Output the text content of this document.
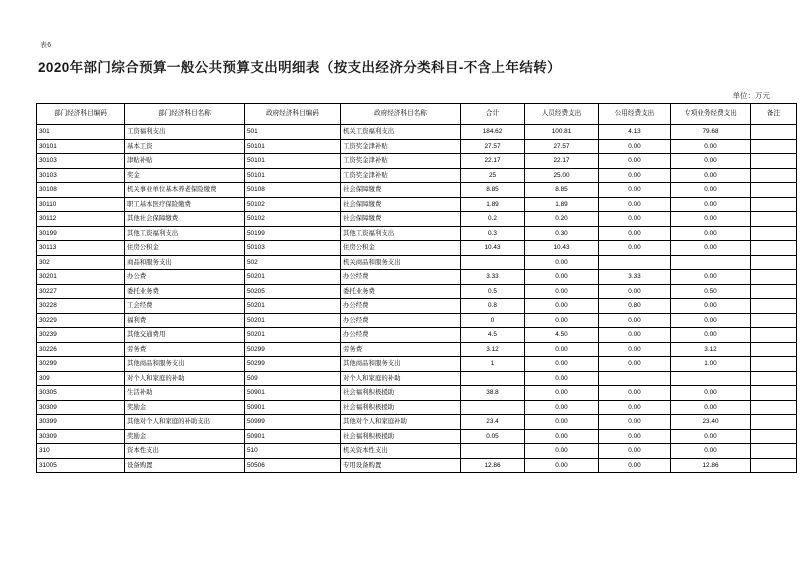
表6
2020年部门综合预算一般公共预算支出明细表（按支出经济分类科目-不含上年结转）
单位：万元
部门经济科目编码	部门经济科目名称	政府经济科目编码	政府经济科目名称	合计	人员经费支出	公用经费支出	专项业务经费支出	备注
301	工资福利支出	501	机关工资福利支出	184.62	100.81	4.13	79.68	
30101	基本工资	50101	工资奖金津补贴	27.57	27.57	0.00	0.00	
30103	津贴补贴	50101	工资奖金津补贴	22.17	22.17	0.00	0.00	
30103	奖金	50101	工资奖金津补贴	25	25.00	0.00	0.00	
30108	机关事业单位基本养老保险缴费	50108	社会保障缴费	8.85	8.85	0.00	0.00	
30110	职工基本医疗保险缴费	50102	社会保障缴费	1.89	1.89	0.00	0.00	
30112	其他社会保障缴费	50102	社会保障缴费	0.2	0.20	0.00	0.00	
30199	其他工资福利支出	50199	其他工资福利支出	0.3	0.30	0.00	0.00	
30113	住房公积金	50103	住房公积金	10.43	10.43	0.00	0.00	
302	商品和服务支出	502	机关商品和服务支出		0.00			
30201	办公费	50201	办公经费	3.33	0.00	3.33	0.00	
30227	委托业务费	50205	委托业务费	0.5	0.00	0.00	0.50	
30228	工会经费	50201	办公经费	0.8	0.00	0.80	0.00	
30229	福利费	50201	办公经费	0	0.00	0.00	0.00	
30239	其他交通费用	50201	办公经费	4.5	4.50	0.00	0.00	
30226	劳务费	50299	劳务费	3.12	0.00	0.00	3.12	
30299	其他商品和服务支出	50299	其他商品和服务支出	1	0.00	0.00	1.00	
309	对个人和家庭的补助	509	对个人和家庭的补助		0.00			
30305	生活补助	50901	社会福利积极援助	38.8	0.00	0.00	0.00	
30309	奖励金	50901	社会福利积极援助		0.00	0.00	0.00	
30399	其他对个人和家庭的补助支出	50999	其他对个人和家庭补助	23.4	0.00	0.00	23.40	
30309	奖励金	50901	社会福利积极援助	0.05	0.00	0.00	0.00	
310	资本性支出	510	机关资本性支出		0.00	0.00	0.00	
31005	设备购置	50506	专用设备购置	12.86	0.00	0.00	12.86	
